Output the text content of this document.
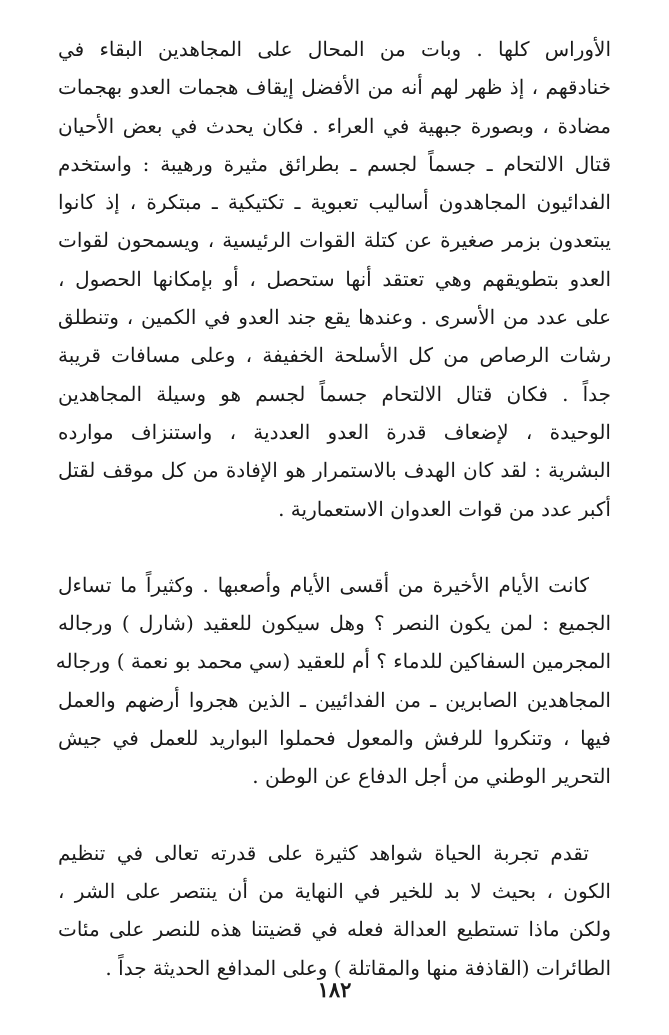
الأوراس كلها . وبات من المحال على المجاهدين البقاء في
خنادقهم ، إذ ظهر لهم أنه من الأفضل إيقاف هجمات العدو بهجمات
مضادة ، وبصورة جبهية في العراء . فكان يحدث في بعض الأحيان
قتال الالتحام ـ جسماً لجسم ـ بطرائق مثيرة ورهيبة : واستخدم
الفدائيون المجاهدون أساليب تعبوية ـ تكتيكية ـ مبتكرة ، إذ كانوا
يبتعدون بزمر صغيرة عن كتلة القوات الرئيسية ، ويسمحون لقوات
العدو بتطويقهم وهي تعتقد أنها ستحصل ، أو بإمكانها الحصول ،
على عدد من الأسرى . وعندها يقع جند العدو في الكمين ، وتنطلق
رشات الرصاص من كل الأسلحة الخفيفة ، وعلى مسافات قريبة
جداً . فكان قتال الالتحام جسماً لجسم هو وسيلة المجاهدين
الوحيدة ، لإضعاف قدرة العدو العددية ، واستنزاف موارده
البشرية : لقد كان الهدف بالاستمرار هو الإفادة من كل موقف لقتل
أكبر عدد من قوات العدوان الاستعمارية .
كانت الأيام الأخيرة من أقسى الأيام وأصعبها . وكثيراً ما تساءل
الجميع : لمن يكون النصر ؟ وهل سيكون للعقيد (شارل ) ورجاله
المجرمين السفاكين للدماء ؟ أم للعقيد (سي محمد بو نعمة ) ورجاله
المجاهدين الصابرين ـ من الفدائيين ـ الذين هجروا أرضهم والعمل
فيها ، وتنكروا للرفش والمعول فحملوا البواريد للعمل في جيش
التحرير الوطني من أجل الدفاع عن الوطن .
تقدم تجربة الحياة شواهد كثيرة على قدرته تعالى في تنظيم
الكون ، بحيث لا بد للخير في النهاية من أن ينتصر على الشر ،
ولكن ماذا تستطيع العدالة فعله في قضيتنا هذه للنصر على مئات
الطائرات (القاذفة منها والمقاتلة ) وعلى المدافع الحديثة جداً .
١٨٢
